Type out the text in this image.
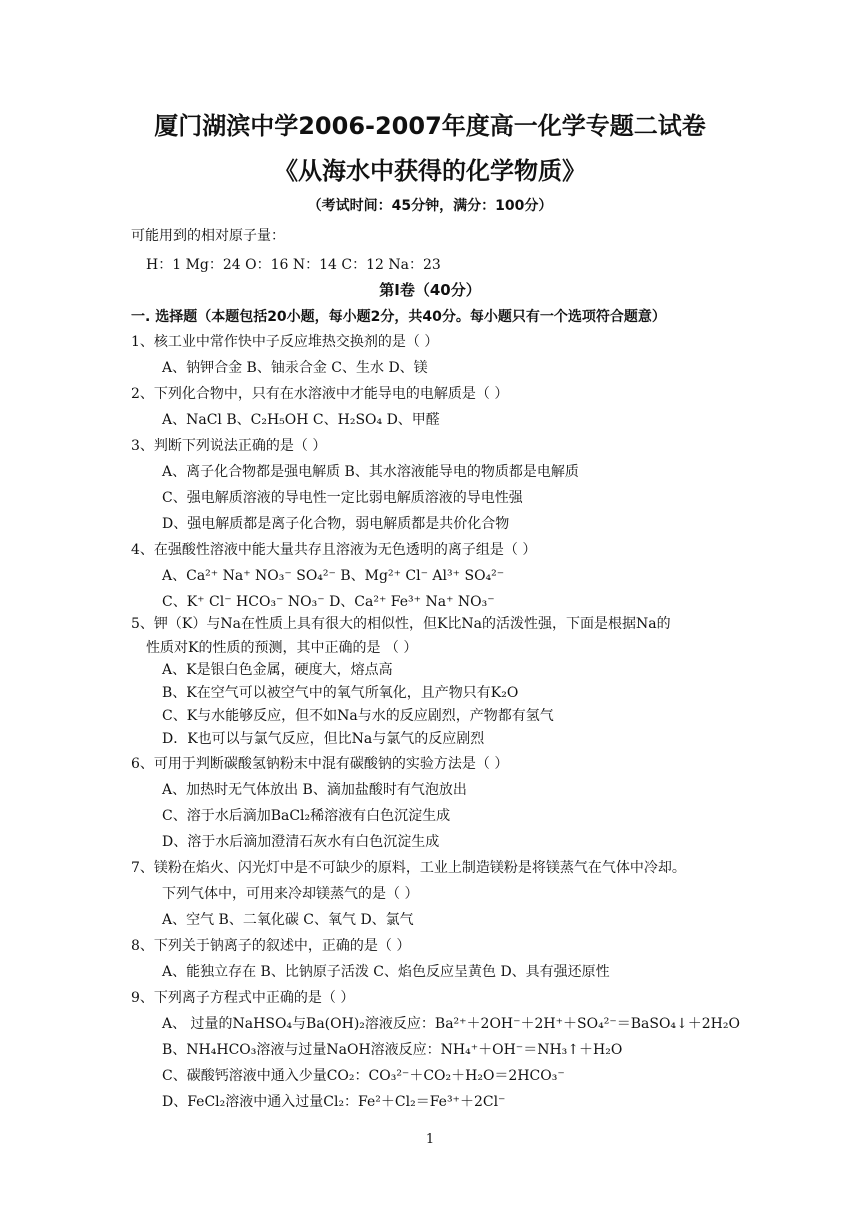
厦门湖滨中学2006-2007年度高一化学专题二试卷
《从海水中获得的化学物质》
（考试时间：45分钟，满分：100分）
可能用到的相对原子量：
H：1 Mg：24 O：16 N：14 C：12 Na：23
第Ⅰ卷（40分）
一. 选择题（本题包括20小题，每小题2分，共40分。每小题只有一个选项符合题意）
1、核工业中常作快中子反应堆热交换剂的是（ ）
A、钠钾合金 B、铀汞合金 C、生水 D、镁
2、下列化合物中，只有在水溶液中才能导电的电解质是（ ）
A、NaCl B、C₂H₅OH C、H₂SO₄ D、甲醛
3、判断下列说法正确的是（ ）
A、离子化合物都是强电解质 B、其水溶液能导电的物质都是电解质
C、强电解质溶液的导电性一定比弱电解质溶液的导电性强
D、强电解质都是离子化合物，弱电解质都是共价化合物
4、在强酸性溶液中能大量共存且溶液为无色透明的离子组是（ ）
A、Ca²⁺ Na⁺ NO₃⁻ SO₄²⁻ B、Mg²⁺ Cl⁻ Al³⁺ SO₄²⁻
C、K⁺ Cl⁻ HCO₃⁻ NO₃⁻ D、Ca²⁺ Fe³⁺ Na⁺ NO₃⁻
5、钾（K）与Na在性质上具有很大的相似性，但K比Na的活泼性强，下面是根据Na的
性质对K的性质的预测，其中正确的是 （ ）
A、K是银白色金属，硬度大，熔点高
B、K在空气可以被空气中的氧气所氧化，且产物只有K₂O
C、K与水能够反应，但不如Na与水的反应剧烈，产物都有氢气
D．K也可以与氯气反应，但比Na与氯气的反应剧烈
6、可用于判断碳酸氢钠粉末中混有碳酸钠的实验方法是（ ）
A、加热时无气体放出 B、滴加盐酸时有气泡放出
C、溶于水后滴加BaCl₂稀溶液有白色沉淀生成
D、溶于水后滴加澄清石灰水有白色沉淀生成
7、镁粉在焰火、闪光灯中是不可缺少的原料，工业上制造镁粉是将镁蒸气在气体中冷却。
下列气体中，可用来冷却镁蒸气的是（ ）
A、空气 B、二氧化碳 C、氧气 D、氯气
8、下列关于钠离子的叙述中，正确的是（ ）
A、能独立存在 B、比钠原子活泼 C、焰色反应呈黄色 D、具有强还原性
9、下列离子方程式中正确的是（ ）
A、 过量的NaHSO₄与Ba(OH)₂溶液反应：Ba²⁺＋2OH⁻＋2H⁺＋SO₄²⁻＝BaSO₄↓＋2H₂O
B、NH₄HCO₃溶液与过量NaOH溶液反应：NH₄⁺＋OH⁻＝NH₃↑＋H₂O
C、碳酸钙溶液中通入少量CO₂：CO₃²⁻＋CO₂＋H₂O＝2HCO₃⁻
D、FeCl₂溶液中通入过量Cl₂：Fe²＋Cl₂＝Fe³⁺＋2Cl⁻
1
